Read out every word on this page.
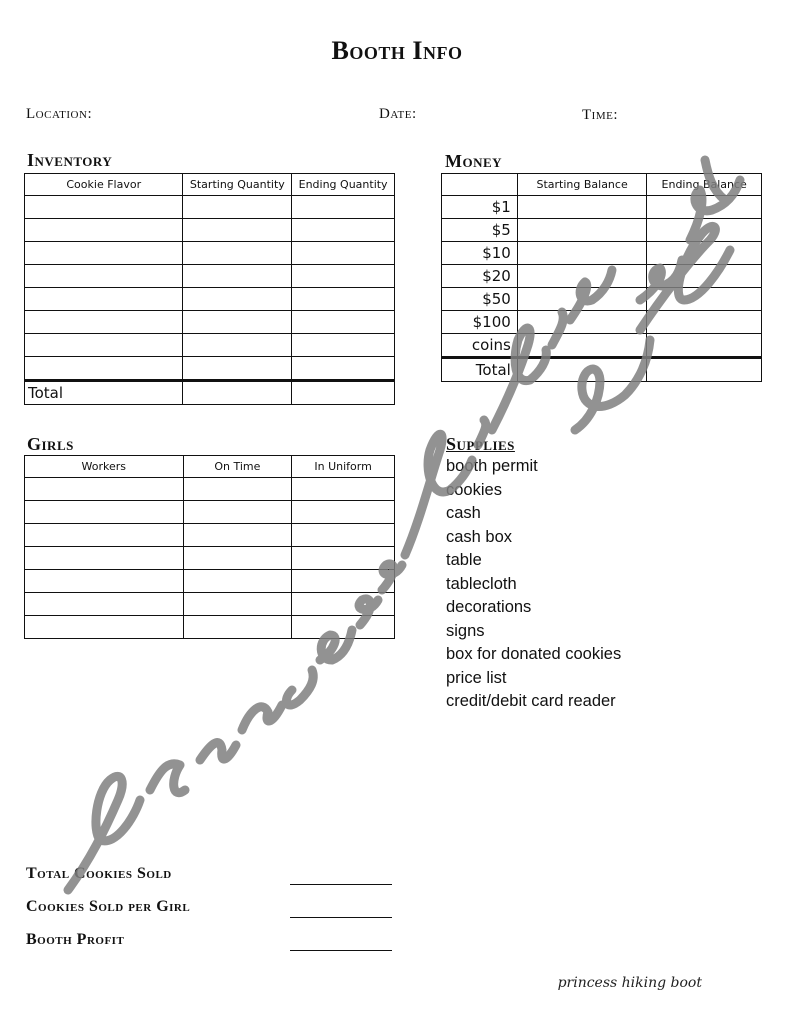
Booth Info
Location:	Date:	Time:
Inventory
Cookie Flavor	Starting Quantity	Ending Quantity

Total		
Money
	Starting Balance	Ending Balance
$1		
$5		
$10		
$20		
$50		
$100		
coins		
Total		
Girls
Workers	On Time	In Uniform

Supplies
booth permit
cookies
cash
cash box
table
tablecloth
decorations
signs
box for donated cookies
price list
credit/debit card reader
Total Cookies Sold
Cookies Sold per Girl
Booth Profit
princess hiking boot
